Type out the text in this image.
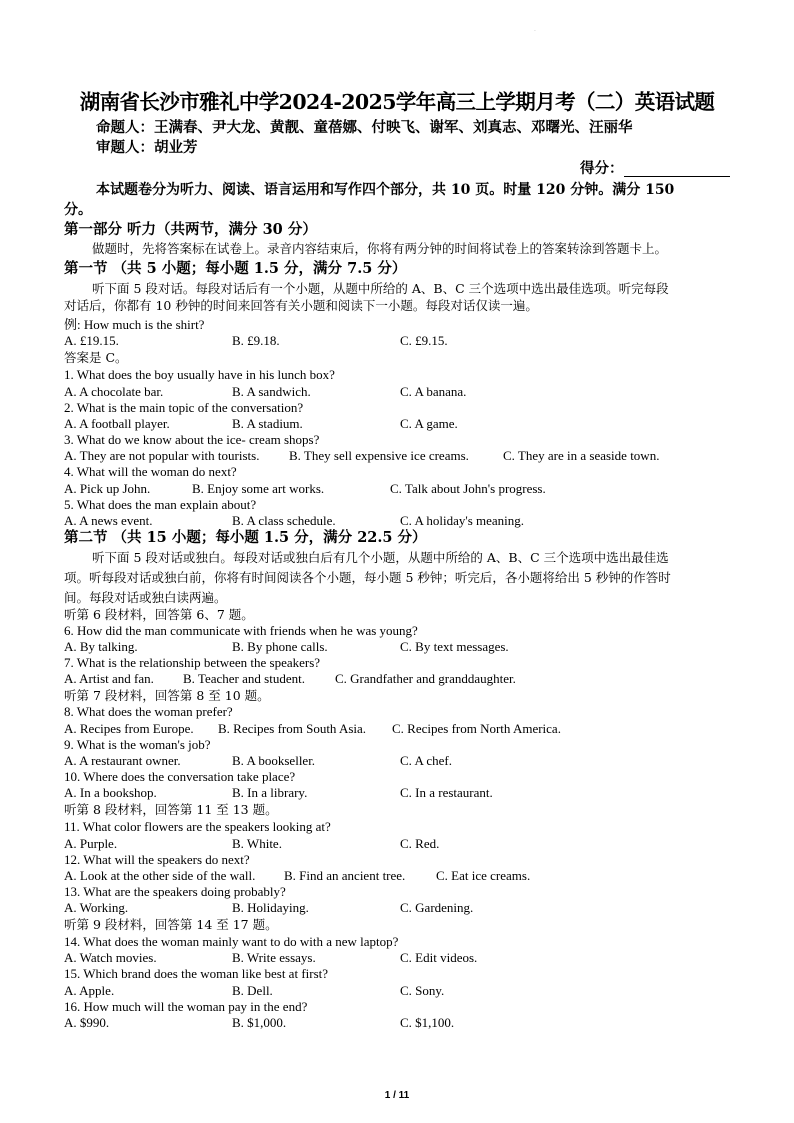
·
湖南省长沙市雅礼中学2024-2025学年高三上学期月考（二）英语试题
命题人：王满春、尹大龙、黄靓、童蓓娜、付映飞、谢军、刘真志、邓曙光、汪丽华
审题人：胡业芳
得分：
本试题卷分为听力、阅读、语言运用和写作四个部分，共 10 页。时量 120 分钟。满分 150
分。
第一部分 听力（共两节，满分 30 分）
做题时，先将答案标在试卷上。录音内容结束后，你将有两分钟的时间将试卷上的答案转涂到答题卡上。
第一节 （共 5 小题；每小题 1.5 分，满分 7.5 分）
听下面 5 段对话。每段对话后有一个小题，从题中所给的 A、B、C 三个选项中选出最佳选项。听完每段
对话后，你都有 10 秒钟的时间来回答有关小题和阅读下一小题。每段对话仅读一遍。
例: How much is the shirt?
A. £19.15.	B. £9.18.	C. £9.15.
答案是 C。
1. What does the boy usually have in his lunch box?
A. A chocolate bar.	B. A sandwich.	C. A banana.
2. What is the main topic of the conversation?
A. A football player.	B. A stadium.	C. A game.
3. What do we know about the ice- cream shops?
A. They are not popular with tourists. B. They sell expensive ice creams.	C. They are in a seaside town.
4. What will the woman do next?
A. Pick up John.	B. Enjoy some art works.	C. Talk about John's progress.
5. What does the man explain about?
A. A news event.	B. A class schedule.	C. A holiday's meaning.
第二节 （共 15 小题；每小题 1.5 分，满分 22.5 分）
听下面 5 段对话或独白。每段对话或独白后有几个小题，从题中所给的 A、B、C 三个选项中选出最佳选
项。听每段对话或独白前，你将有时间阅读各个小题，每小题 5 秒钟；听完后，各小题将给出 5 秒钟的作答时
间。每段对话或独白读两遍。
听第 6 段材料，回答第 6、7 题。
6. How did the man communicate with friends when he was young?
A. By talking.	B. By phone calls.	C. By text messages.
7. What is the relationship between the speakers?
A. Artist and fan. B. Teacher and student. C. Grandfather and granddaughter.
听第 7 段材料，回答第 8 至 10 题。
8. What does the woman prefer?
A. Recipes from Europe. B. Recipes from South Asia. C. Recipes from North America.
9. What is the woman's job?
A. A restaurant owner.	B. A bookseller.	C. A chef.
10. Where does the conversation take place?
A. In a bookshop.	B. In a library.	C. In a restaurant.
听第 8 段材料，回答第 11 至 13 题。
11. What color flowers are the speakers looking at?
A. Purple.	B. White.	C. Red.
12. What will the speakers do next?
A. Look at the other side of the wall. B. Find an ancient tree. C. Eat ice creams.
13. What are the speakers doing probably?
A. Working.	B. Holidaying.	C. Gardening.
听第 9 段材料，回答第 14 至 17 题。
14. What does the woman mainly want to do with a new laptop?
A. Watch movies.	B. Write essays.	C. Edit videos.
15. Which brand does the woman like best at first?
A. Apple.	B. Dell.	C. Sony.
16. How much will the woman pay in the end?
A. $990.	B. $1,000.	C. $1,100.
1 / 11
